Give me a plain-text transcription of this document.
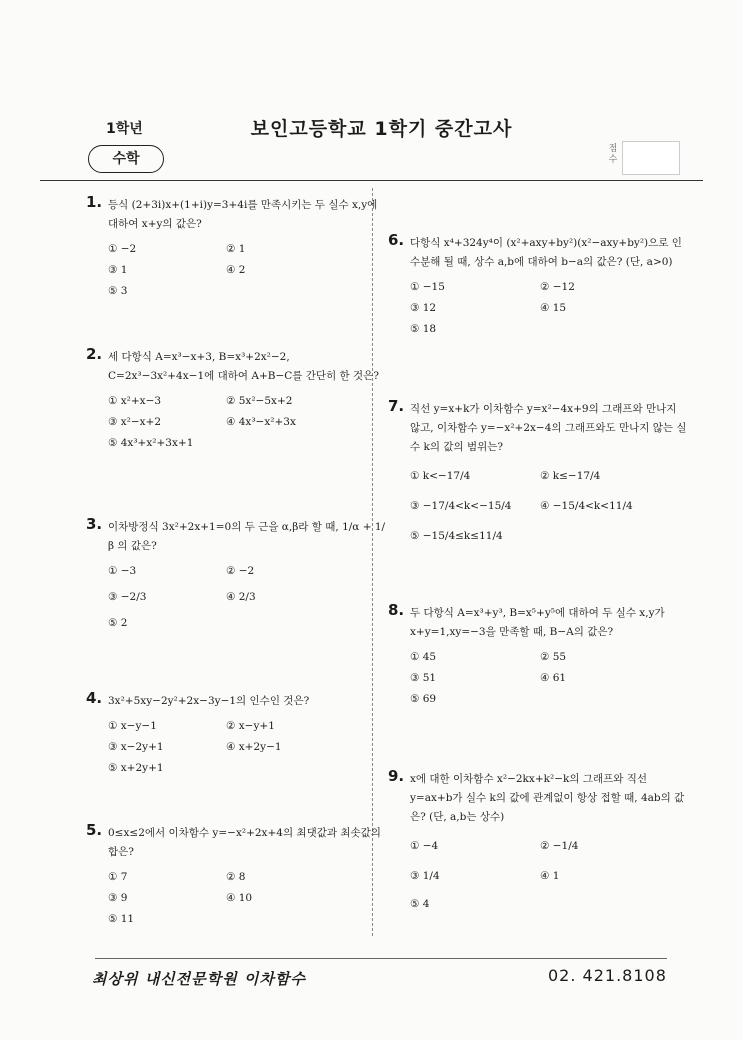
1학년	보인고등학교 1학기 중간고사
수학
점수
1. 등식 (2+3i)x+(1+i)y=3+4i를 만족시키는 두 실수 x,y에 대하여 x+y의 값은?

① −2	② 1
③ 1	④ 2
⑤ 3
2. 세 다항식 A=x³−x+3, B=x³+2x²−2, C=2x³−3x²+4x−1에 대하여 A+B−C를 간단히 한 것은?

① x²+x−3	② 5x²−5x+2
③ x²−x+2	④ 4x³−x²+3x
⑤ 4x³+x²+3x+1
3. 이차방정식 3x²+2x+1=0의 두 근을 α,β라 할 때, 1/α + 1/β 의 값은?

① −3	② −2
③ −2/3	④ 2/3
⑤ 2
4. 3x²+5xy−2y²+2x−3y−1의 인수인 것은?

① x−y−1	② x−y+1
③ x−2y+1	④ x+2y−1
⑤ x+2y+1
5. 0≤x≤2에서 이차함수 y=−x²+2x+4의 최댓값과 최솟값의 합은?

① 7	② 8
③ 9	④ 10
⑤ 11
6. 다항식 x⁴+324y⁴이 (x²+axy+by²)(x²−axy+by²)으로 인수분해 될 때, 상수 a,b에 대하여 b−a의 값은? (단, a>0)

① −15	② −12
③ 12	④ 15
⑤ 18
7. 직선 y=x+k가 이차함수 y=x²−4x+9의 그래프와 만나지 않고, 이차함수 y=−x²+2x−4의 그래프와도 만나지 않는 실수 k의 값의 범위는?

① k<−17/4	② k≤−17/4
③ −17/4<k<−15/4	④ −15/4<k<11/4
⑤ −15/4≤k≤11/4
8. 두 다항식 A=x³+y³, B=x⁵+y⁵에 대하여 두 실수 x,y가 x+y=1,xy=−3을 만족할 때, B−A의 값은?

① 45	② 55
③ 51	④ 61
⑤ 69
9. x에 대한 이차함수 x²−2kx+k²−k의 그래프와 직선 y=ax+b가 실수 k의 값에 관계없이 항상 접할 때, 4ab의 값은? (단, a,b는 상수)

① −4	② −1/4
③ 1/4	④ 1
⑤ 4
최상위 내신전문학원 이차함수	02. 421.8108
